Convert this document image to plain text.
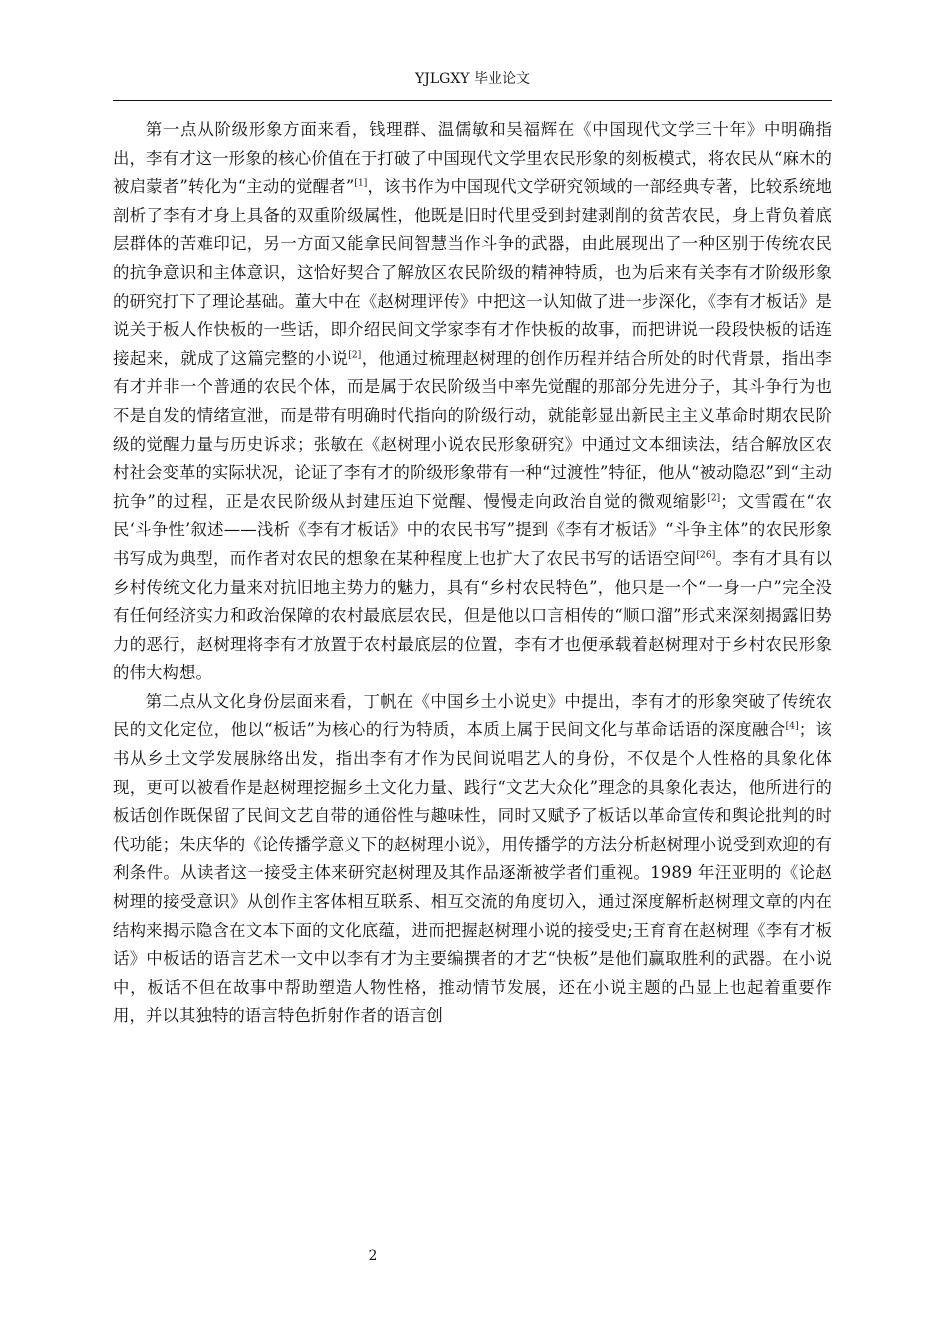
YJLGXY 毕业论文

第一点从阶级形象方面来看，钱理群、温儒敏和吴福辉在《中国现代文学三十年》中明确指出，李有才这一形象的核心价值在于打破了中国现代文学里农民形象的刻板模式，将农民从“麻木的被启蒙者”转化为“主动的觉醒者”[1]，该书作为中国现代文学研究领域的一部经典专著，比较系统地剖析了李有才身上具备的双重阶级属性，他既是旧时代里受到封建剥削的贫苦农民，身上背负着底层群体的苦难印记，另一方面又能拿民间智慧当作斗争的武器，由此展现出了一种区别于传统农民的抗争意识和主体意识，这恰好契合了解放区农民阶级的精神特质，也为后来有关李有才阶级形象的研究打下了理论基础。董大中在《赵树理评传》中把这一认知做了进一步深化，《李有才板话》是说关于板人作快板的一些话，即介绍民间文学家李有才作快板的故事，而把讲说一段段快板的话连接起来，就成了这篇完整的小说[2]，他通过梳理赵树理的创作历程并结合所处的时代背景，指出李有才并非一个普通的农民个体，而是属于农民阶级当中率先觉醒的那部分先进分子，其斗争行为也不是自发的情绪宣泄，而是带有明确时代指向的阶级行动，就能彰显出新民主主义革命时期农民阶级的觉醒力量与历史诉求；张敏在《赵树理小说农民形象研究》中通过文本细读法，结合解放区农村社会变革的实际状况，论证了李有才的阶级形象带有一种“过渡性”特征，他从“被动隐忍”到“主动抗争”的过程，正是农民阶级从封建压迫下觉醒、慢慢走向政治自觉的微观缩影[2]；文雪霞在“农民‘斗争性’叙述——浅析《李有才板话》中的农民书写”提到《李有才板话》“斗争主体”的农民形象书写成为典型，而作者对农民的想象在某种程度上也扩大了农民书写的话语空间[26]。李有才具有以乡村传统文化力量来对抗旧地主势力的魅力，具有“乡村农民特色”，他只是一个“一身一户”完全没有任何经济实力和政治保障的农村最底层农民，但是他以口言相传的“顺口溜”形式来深刻揭露旧势力的恶行，赵树理将李有才放置于农村最底层的位置，李有才也便承载着赵树理对于乡村农民形象的伟大构想。

第二点从文化身份层面来看，丁帆在《中国乡土小说史》中提出，李有才的形象突破了传统农民的文化定位，他以“板话”为核心的行为特质，本质上属于民间文化与革命话语的深度融合[4]；该书从乡土文学发展脉络出发，指出李有才作为民间说唱艺人的身份，不仅是个人性格的具象化体现，更可以被看作是赵树理挖掘乡土文化力量、践行“文艺大众化”理念的具象化表达，他所进行的板话创作既保留了民间文艺自带的通俗性与趣味性，同时又赋予了板话以革命宣传和舆论批判的时代功能；朱庆华的《论传播学意义下的赵树理小说》，用传播学的方法分析赵树理小说受到欢迎的有利条件。从读者这一接受主体来研究赵树理及其作品逐渐被学者们重视。1989 年汪亚明的《论赵树理的接受意识》从创作主客体相互联系、相互交流的角度切入，通过深度解析赵树理文章的内在结构来揭示隐含在文本下面的文化底蕴，进而把握赵树理小说的接受史;王育育在赵树理《李有才板话》中板话的语言艺术一文中以李有才为主要编撰者的才艺“快板”是他们赢取胜利的武器。在小说中，板话不但在故事中帮助塑造人物性格，推动情节发展，还在小说主题的凸显上也起着重要作用，并以其独特的语言特色折射作者的语言创

2
